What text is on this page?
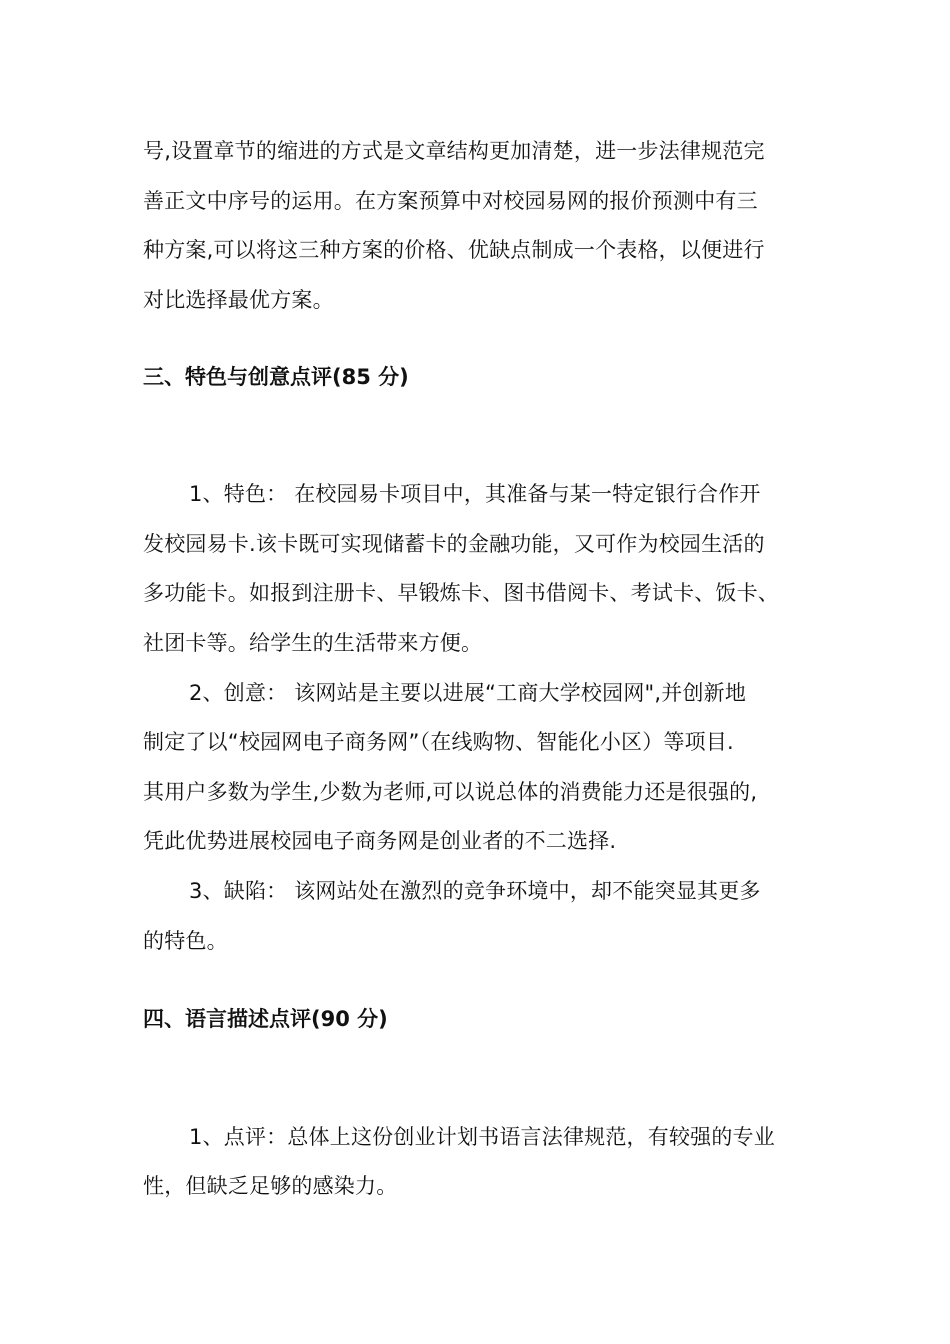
号,设置章节的缩进的方式是文章结构更加清楚，进一步法律规范完
善正文中序号的运用。在方案预算中对校园易网的报价预测中有三
种方案,可以将这三种方案的价格、优缺点制成一个表格，以便进行
对比选择最优方案。
三、特色与创意点评(85 分)
1、特色： 在校园易卡项目中，其准备与某一特定银行合作开
发校园易卡.该卡既可实现储蓄卡的金融功能，又可作为校园生活的
多功能卡。如报到注册卡、早锻炼卡、图书借阅卡、考试卡、饭卡、
社团卡等。给学生的生活带来方便。
2、创意： 该网站是主要以进展“工商大学校园网",并创新地
制定了以“校园网电子商务网”（在线购物、智能化小区）等项目.
其用户多数为学生,少数为老师,可以说总体的消费能力还是很强的,
凭此优势进展校园电子商务网是创业者的不二选择.
3、缺陷： 该网站处在激烈的竞争环境中，却不能突显其更多
的特色。
四、语言描述点评(90 分)
1、点评：总体上这份创业计划书语言法律规范，有较强的专业
性，但缺乏足够的感染力。
